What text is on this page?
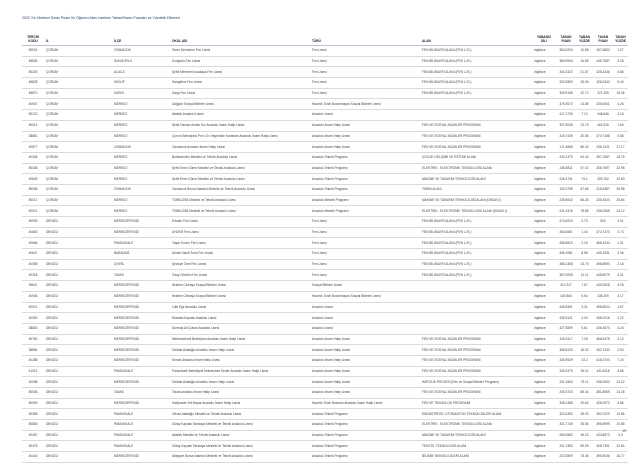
2022 Yılı Merkezi Sınav Puanı İle Öğrenci Alan Liselerin Taban/Tavan Puanları ve Yüzdelik Dilimleri
TERCİH KODU	İL	İLÇE	OKUL ADI	TÜRÜ	ALAN	YABANCI DİLİ	TABAN PUAN	TABAN YÜZDE	TAVAN PUAN	TAVAN YÜZDE
50001	ÇORUM	OSMANCIK	Ömer Derindere Fen Lisesi	Fen Lisesi	FEN BİLİMLERİ ALANI (FEN L.İS.)	İngilizce	394.0204	10.86	457.5852	2.07
48835	ÇORUM	SUNGURLU	Sungurlu Fen Lisesi	Fen Lisesi	FEN BİLİMLERİ ALANI (FEN L.İS.)	İngilizce	384.9064	16.89	445.7687	3.26
50203	ÇORUM	ALACA	Şehit Mehmet Kocakaya Fen Lisesi	Fen Lisesi	FEN BİLİMLERİ ALANI (FEN L.İS.)	İngilizce	344.2322	21.87	425.4346	5.86
48828	ÇORUM	İSKİLİP	Sarıgöleni Fen Lisesi	Fen Lisesi	FEN BİLİMLERİ ALANI (FEN L.İS.)	İngilizce	332.0809	25.06	426.0342	5.40
48870	ÇORUM	KARGI	Kargı Fen Lisesi	Fen Lisesi	FEN BİLİMLERİ ALANI (FEN L.İS.)	İngilizce	309.5156	32.72	371.259	15.46
40947	ÇORUM	MERKEZ	Dağçlar Sosyal Bilimler Lisesi	Hazırlık Sınıfı Bulunmayan Sosyal Bilimler Lisesi		İngilizce	375.3072	14.85	430.0641	4.26
50122	ÇORUM	MERKEZ	Atatürk Anadolu Lisesi	Anadolu Lisesi		İngilizce	417.1726	7.12	446.846	3.16
50012	ÇORUM	MERKEZ	Şehit Osman Arslan Kız Anadolu İmam Hatip Lisesi	Anadolu İmam Hatip Lisesi	FEN VE SOSYAL BİLİMLER PROGRAMI	İngilizce	337.5028	23.79	462.515	1.54
38881	ÇORUM	MERKEZ	Çorum Belediyesi Prof. Dr. Hayreddin Karaman Anadolu İmam Hatip Lisesi	Anadolu İmam Hatip Lisesi	FEN VE SOSYAL BİLİMLER PROGRAMI	İngilizce	315.7435	30.55	470.7188	0.86
40877	ÇORUM	OSMANCIK	Osmancık Anadolu İmam Hatip Lisesi	Anadolu İmam Hatip Lisesi	FEN VE SOSYAL BİLİMLER PROGRAMI	İngilizce	171.4866	86.43	336.1221	27.17
40346	ÇORUM	MERKEZ	Buharaeviler Mesleki ve Teknik Anadolu Lisesi	Anadolu Teknik Programı	ÇOCUK GELİŞİMİ VE EĞİTİMİ ALANI	İngilizce	243.1379	64.43	357.1587	18.75
50348	ÇORUM	MERKEZ	Şehit Emin Güner Mesleki ve Teknik Anadolu Lisesi	Anadolu Teknik Programı	ELEKTRİK - ELEKTRONİK TEKNOLOJİSİ ALANI	İngilizce	236.5811	67.02	308.7697	32.98
40849	ÇORUM	MERKEZ	Şehit Emin Güner Mesleki ve Teknik Anadolu Lisesi	Anadolu Teknik Programı	MAKİNE VE TASARIM TEKNOLOJİSİ ALANI	İngilizce	226.4741	74.1	309.762	32.63
89058	ÇORUM	OSMANCIK	Osmancık Borsa İstanbul Mesleki ve Teknik Anadolu Lisesi	Anadolu Teknik Programı	TARIM ALANI	İngilizce	193.3798	87.66	315.6387	30.98
50012	ÇORUM	MERKEZ	TOBB-OSB Mesleki ve Teknik Anadolu Lisesi	Anadolu Meslek Programı	MAKİNE VE TASARIM TEKNOLOJİSİ ALANI (DİKAVLİ)	İngilizce	235.5642	66.26	330.4524	25.84
50011	ÇORUM	MERKEZ	TOBB-OSB Mesleki ve Teknik Anadolu Lisesi	Anadolu Meslek Programı	ELEKTRİK - ELEKTRONİK TEKNOLOJİSİ ALANI (DİKAVLİ)	İngilizce	221.4316	78.85	336.0565	24.12
50939	DENİZLİ	MERKEZEFENDİ	Erbakır Fen Lisesi	Fen Lisesi	FEN BİLİMLERİ ALANI (FEN L.İS.)	İngilizce	474.6024	0.73	500	0.01
40660	DENİZLİ	MERKEZEFENDİ	AYDEM Fen Lisesi	Fen Lisesi	FEN BİLİMLERİ ALANI (FEN L.İS.)	İngilizce	464.6561	1.44	474.7473	0.73
40666	DENİZLİ	PAMUKKALE	Yaşar Kıvırcı Fen Lisesi	Fen Lisesi	FEN BİLİMLERİ ALANI (FEN L.İS.)	İngilizce	456.5823	2.15	466.4234	1.31
40647	DENİZLİ	BABADAĞ	Ahmet Nazif Zorlu Fen Lisesi	Fen Lisesi	FEN BİLİMLERİ ALANI (FEN L.İS.)	İngilizce	406.1081	8.88	445.1531	3.36
40055	DENİZLİ	ÇİVRİL	Şevkiye Özel Fen Lisesi	Fen Lisesi	FEN BİLİMLERİ ALANI (FEN L.İS.)	İngilizce	385.1356	15.76	456.8594	2.16
40318	DENİZLİ	TAVAS	Özay Gönlüm Fen Lisesi	Fen Lisesi	FEN BİLİMLERİ ALANI (FEN L.İS.)	İngilizce	387.0008	12.11	445.8079	3.31
39621	DENİZLİ	MERKEZEFENDİ	İbrahim Cinkaya Sosyal Bilimler Lisesi	Sosyal Bilimler Lisesi		İngilizce	412.317	7.87	430.0628	4.26
40946	DENİZLİ	MERKEZEFENDİ	İbrahim Cinkaya Sosyal Bilimler Lisesi	Hazırlık Sınıfı Bulunmayan Sosyal Bilimler Lisesi		İngilizce	420.864	6.54	436.309	4.17
50011	DENİZLİ	MERKEZEFENDİ	Lütfi Ege Anadolu Lisesi	Anadolu Lisesi		İngilizce	445.8361	3.31	456.8924	1.87
40050	DENİZLİ	MERKEZEFENDİ	Mustafa Kaynak Anadolu Lisesi	Anadolu Lisesi		İngilizce	439.5121	4.04	456.0216	2.22
38800	DENİZLİ	MERKEZEFENDİ	Durmuş Ali Çoban Anadolu Lisesi	Anadolu Lisesi		İngilizce	427.3699	5.61	436.4574	4.24
50780	DENİZLİ	MERKEZEFENDİ	Merkezefendi Belediyesi Anadolu İmam Hatip Lisesi	Anadolu İmam Hatip Lisesi	FEN VE SOSYAL BİLİMLER PROGRAMI	İngilizce	416.3117	7.28	466.5475	0.12
38884	DENİZLİ	MERKEZEFENDİ	Gedide Akatağlu Anadolu İmam Hatip Lisesi	Anadolu İmam Hatip Lisesi	FEN VE SOSYAL BİLİMLER PROGRAMI	İngilizce	356.8133	18.32	452.7333	2.54
40288	DENİZLİ	MERKEZEFENDİ	Servat Anadolu İmam Hatip Lisesi	Anadolu İmam Hatip Lisesi	FEN VE SOSYAL BİLİMLER PROGRAMI	İngilizce	336.9929	23.2	416.3704	7.24
41013	DENİZLİ	PAMUKKALE	Pamukkale Belediyesi Muhammet Serter Anadolu İmam Hatip Lisesi	Anadolu İmam Hatip Lisesi	FEN VE SOSYAL BİLİMLER PROGRAMI	İngilizce	326.2479	26.01	431.8118	5.65
40088	DENİZLİ	MERKEZEFENDİ	Gedide Akatağlu Anadolu İmam Hatip Lisesi	Anadolu İmam Hatip Lisesi	HAFIZLIK PROJESİ (Fen ve Sosyal Bilimler Programı)	İngilizce	221.1664	79.11	336.0052	24.22
80006	DENİZLİ	TAVAS	Tavas Anadolu İmam Hatip Lisesi	Anadolu İmam Hatip Lisesi	FEN VE SOSYAL BİLİMLER PROGRAMI	İngilizce	205.3703	88.44	381.8569	13.26
80059	DENİZLİ	MERKEZEFENDİ	Hatipzade Veli Bayar Anadolu İmam Hatip Lisesi	Hazırlık Sınıfı Bulunan Anadolu İmam Hatip Lisesi	FEN VE TEKNOLOJİ PROGRAMI	İngilizce	348.1388	20.84	425.0972	5.86
50368	DENİZLİ	PAMUKKALE	Orhan Akatağlu Mesleki ve Teknik Anadolu Lisesi	Anadolu Teknik Programı	ENDÜSTRİYEL OTOMASYON TEKNOLOJİLERİ ALANI	İngilizce	323.4352	28.03	394.7029	10.86
80560	DENİZLİ	PAMUKKALE	Gülay Kaynak Sarıkaya Mesleki ve Teknik Anadolu Lisesi	Anadolu Teknik Programı	ELEKTRİK - ELEKTRONİK TEKNOLOJİSİ ALANI	İngilizce	301.7745	35.56	395.8999	10.86
40457	DENİZLİ	PAMUKKALE	Atatürk Mesleki ve Teknik Anadolu Lisesi	Anadolu Teknik Programı	MAKİNE VE TASARIM TEKNOLOJİSİ ALANI	İngilizce	280.0683	45.23	433.8873	4.3
50475	DENİZLİ	PAMUKKALE	Gülay Kaynak Sarıkaya Mesleki ve Teknik Anadolu Lisesi	Anadolu Teknik Programı	TEKSTİL TEKNOLOJİSİ ALANI	İngilizce	201.1383	89.99	308.7391	32.84
40440	DENİZLİ	MERKEZEFENDİ	Altayçeri Borsa İstanbul Mesleki ve Teknik Anadolu Lisesi	Anadolu Teknik Programı	BİLİŞİM TEKNOLOJİLERİ ALANI	İngilizce	222.0899	78.46	395.5036	16.77
19
